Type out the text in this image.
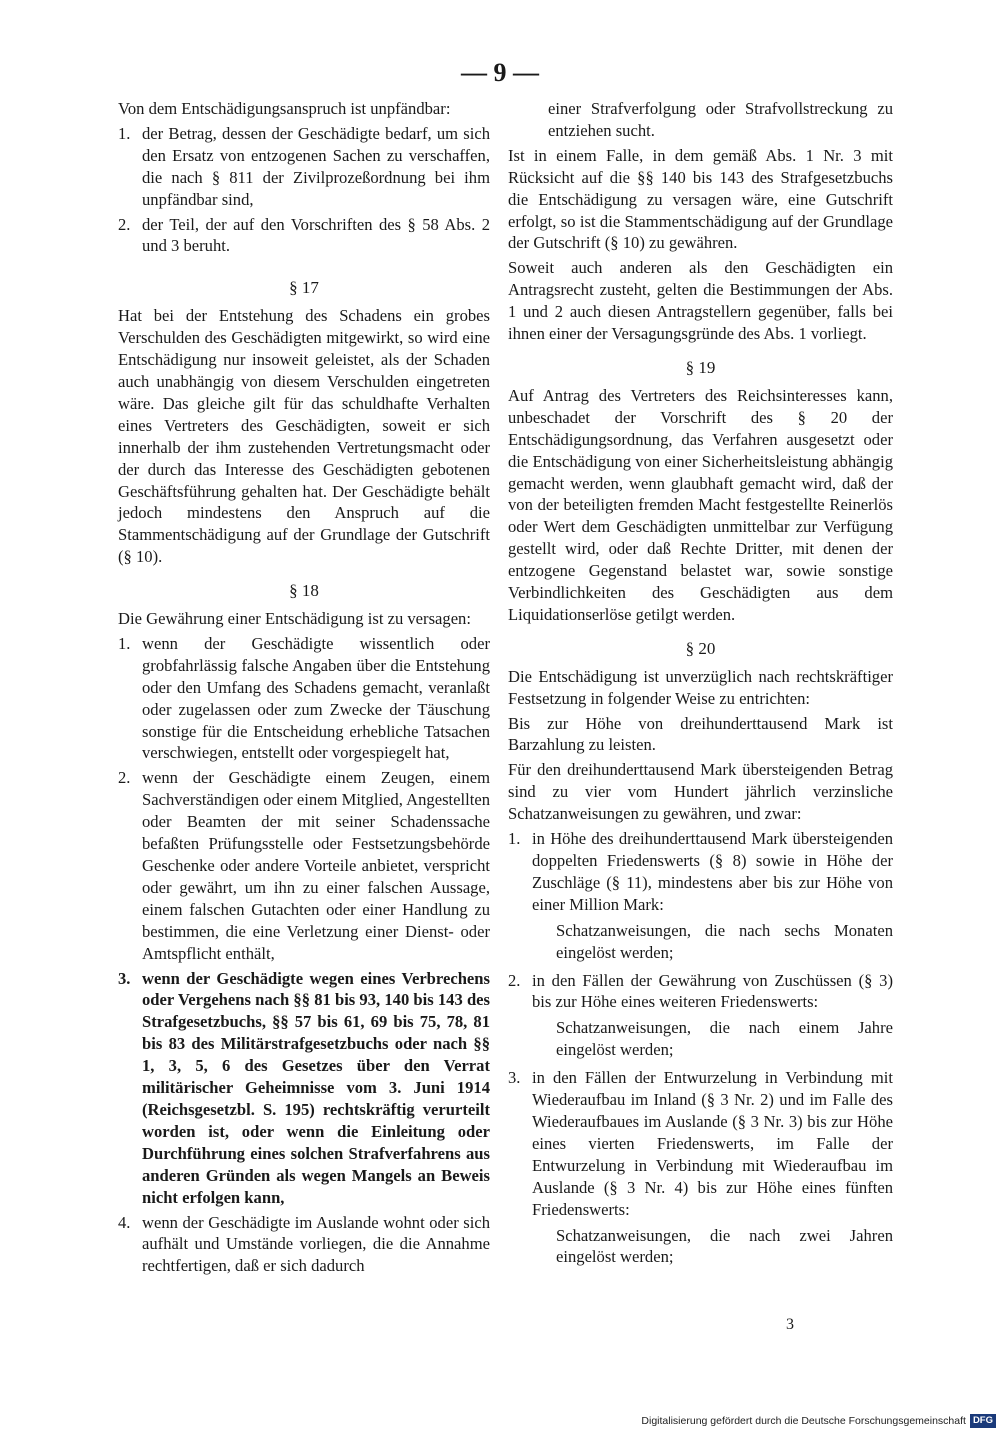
— 9 —

Von dem Entschädigungsanspruch ist unpfändbar:

1. der Betrag, dessen der Geschädigte bedarf, um sich den Ersatz von entzogenen Sachen zu verschaffen, die nach § 811 der Zivilprozeßordnung bei ihm unpfändbar sind,
2. der Teil, der auf den Vorschriften des § 58 Abs. 2 und 3 beruht.
§ 17

Hat bei der Entstehung des Schadens ein grobes Verschulden des Geschädigten mitgewirkt, so wird eine Entschädigung nur insoweit geleistet, als der Schaden auch unabhängig von diesem Verschulden eingetreten wäre. Das gleiche gilt für das schuldhafte Verhalten eines Vertreters des Geschädigten, soweit er sich innerhalb der ihm zustehenden Vertretungsmacht oder der durch das Interesse des Geschädigten gebotenen Geschäftsführung gehalten hat. Der Geschädigte behält jedoch mindestens den Anspruch auf die Stammentschädigung auf der Grundlage der Gutschrift (§ 10).

§ 18

Die Gewährung einer Entschädigung ist zu versagen:

1. wenn der Geschädigte wissentlich oder grobfahrlässig falsche Angaben über die Entstehung oder den Umfang des Schadens gemacht, veranlaßt oder zugelassen oder zum Zwecke der Täuschung sonstige für die Entscheidung erhebliche Tatsachen verschwiegen, entstellt oder vorgespiegelt hat,
2. wenn der Geschädigte einem Zeugen, einem Sachverständigen oder einem Mitglied, Angestellten oder Beamten der mit seiner Schadenssache befaßten Prüfungsstelle oder Festsetzungsbehörde Geschenke oder andere Vorteile anbietet, verspricht oder gewährt, um ihn zu einer falschen Aussage, einem falschen Gutachten oder einer Handlung zu bestimmen, die eine Verletzung einer Dienst- oder Amtspflicht enthält,
3. wenn der Geschädigte wegen eines Verbrechens oder Vergehens nach §§ 81 bis 93, 140 bis 143 des Strafgesetzbuchs, §§ 57 bis 61, 69 bis 75, 78, 81 bis 83 des Militärstrafgesetzbuchs oder nach §§ 1, 3, 5, 6 des Gesetzes über den Verrat militärischer Geheimnisse vom 3. Juni 1914 (Reichsgesetzbl. S. 195) rechtskräftig verurteilt worden ist, oder wenn die Einleitung oder Durchführung eines solchen Strafverfahrens aus anderen Gründen als wegen Mangels an Beweis nicht erfolgen kann,
4. wenn der Geschädigte im Auslande wohnt oder sich aufhält und Umstände vorliegen, die die Annahme rechtfertigen, daß er sich dadurch

einer Strafverfolgung oder Strafvollstreckung zu entziehen sucht.

Ist in einem Falle, in dem gemäß Abs. 1 Nr. 3 mit Rücksicht auf die §§ 140 bis 143 des Strafgesetzbuchs die Entschädigung zu versagen wäre, eine Gutschrift erfolgt, so ist die Stammentschädigung auf der Grundlage der Gutschrift (§ 10) zu gewähren.

Soweit auch anderen als den Geschädigten ein Antragsrecht zusteht, gelten die Bestimmungen der Abs. 1 und 2 auch diesen Antragstellern gegenüber, falls bei ihnen einer der Versagungsgründe des Abs. 1 vorliegt.

§ 19

Auf Antrag des Vertreters des Reichsinteresses kann, unbeschadet der Vorschrift des § 20 der Entschädigungsordnung, das Verfahren ausgesetzt oder die Entschädigung von einer Sicherheitsleistung abhängig gemacht werden, wenn glaubhaft gemacht wird, daß der von der beteiligten fremden Macht festgestellte Reinerlös oder Wert dem Geschädigten unmittelbar zur Verfügung gestellt wird, oder daß Rechte Dritter, mit denen der entzogene Gegenstand belastet war, sowie sonstige Verbindlichkeiten des Geschädigten aus dem Liquidationserlöse getilgt werden.

§ 20

Die Entschädigung ist unverzüglich nach rechtskräftiger Festsetzung in folgender Weise zu entrichten:

Bis zur Höhe von dreihunderttausend Mark ist Barzahlung zu leisten.

Für den dreihunderttausend Mark übersteigenden Betrag sind zu vier vom Hundert jährlich verzinsliche Schatzanweisungen zu gewähren, und zwar:

1. in Höhe des dreihunderttausend Mark übersteigenden doppelten Friedenswerts (§ 8) sowie in Höhe der Zuschläge (§ 11), mindestens aber bis zur Höhe von einer Million Mark:
Schatzanweisungen, die nach sechs Monaten eingelöst werden;
2. in den Fällen der Gewährung von Zuschüssen (§ 3) bis zur Höhe eines weiteren Friedenswerts:
Schatzanweisungen, die nach einem Jahre eingelöst werden;
3. in den Fällen der Entwurzelung in Verbindung mit Wiederaufbau im Inland (§ 3 Nr. 2) und im Falle des Wiederaufbaues im Auslande (§ 3 Nr. 3) bis zur Höhe eines vierten Friedenswerts, im Falle der Entwurzelung in Verbindung mit Wiederaufbau im Auslande (§ 3 Nr. 4) bis zur Höhe eines fünften Friedenswerts:
Schatzanweisungen, die nach zwei Jahren eingelöst werden;
3
Digitalisierung gefördert durch die Deutsche Forschungsgemeinschaft DFG
